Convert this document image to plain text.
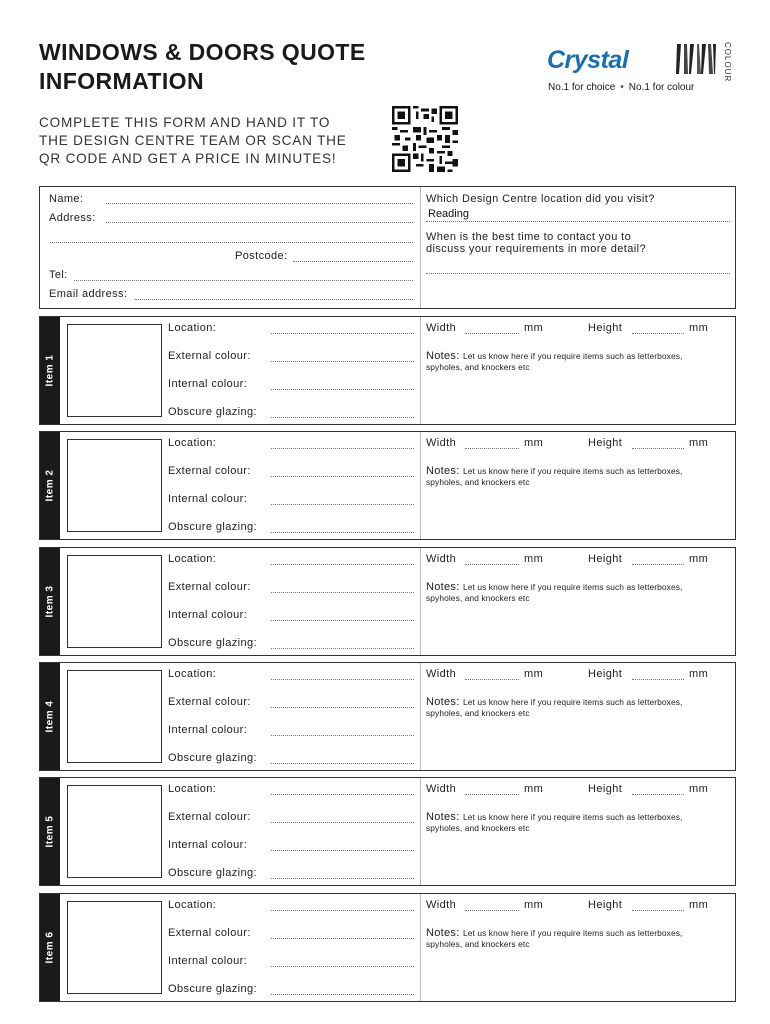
WINDOWS & DOORS QUOTE
INFORMATION
COMPLETE THIS FORM AND HAND IT TO
THE DESIGN CENTRE TEAM OR SCAN THE
QR CODE AND GET A PRICE IN MINUTES!
Crystal	COLOUR
No.1 for choice • No.1 for colour
Name:
Address:
Postcode:
Tel:
Email address:
Which Design Centre location did you visit?
Reading
When is the best time to contact you to
discuss your requirements in more detail?
Item 1
Location:
External colour:
Internal colour:
Obscure glazing:
Width	mm	Height	mm
Notes: Let us know here if you require items such as letterboxes,
spyholes, and knockers etc
Item 2
Location:
External colour:
Internal colour:
Obscure glazing:
Width	mm	Height	mm
Notes: Let us know here if you require items such as letterboxes,
spyholes, and knockers etc
Item 3
Location:
External colour:
Internal colour:
Obscure glazing:
Width	mm	Height	mm
Notes: Let us know here if you require items such as letterboxes,
spyholes, and knockers etc
Item 4
Location:
External colour:
Internal colour:
Obscure glazing:
Width	mm	Height	mm
Notes: Let us know here if you require items such as letterboxes,
spyholes, and knockers etc
Item 5
Location:
External colour:
Internal colour:
Obscure glazing:
Width	mm	Height	mm
Notes: Let us know here if you require items such as letterboxes,
spyholes, and knockers etc
Item 6
Location:
External colour:
Internal colour:
Obscure glazing:
Width	mm	Height	mm
Notes: Let us know here if you require items such as letterboxes,
spyholes, and knockers etc
